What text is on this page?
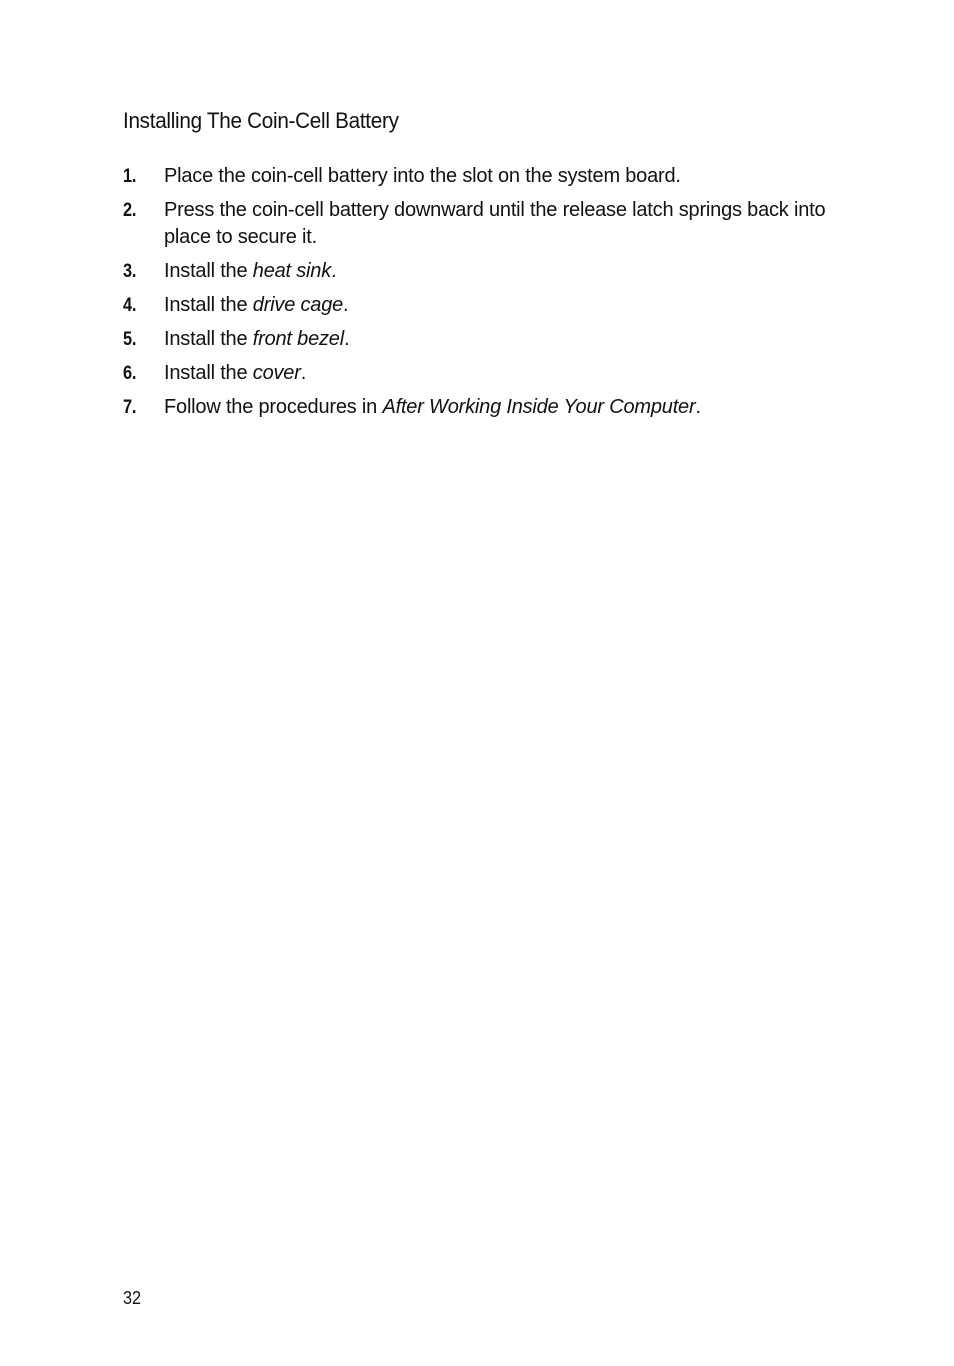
Installing The Coin-Cell Battery
1. Place the coin-cell battery into the slot on the system board.
2. Press the coin-cell battery downward until the release latch springs back into place to secure it.
3. Install the heat sink.
4. Install the drive cage.
5. Install the front bezel.
6. Install the cover.
7. Follow the procedures in After Working Inside Your Computer.
32
